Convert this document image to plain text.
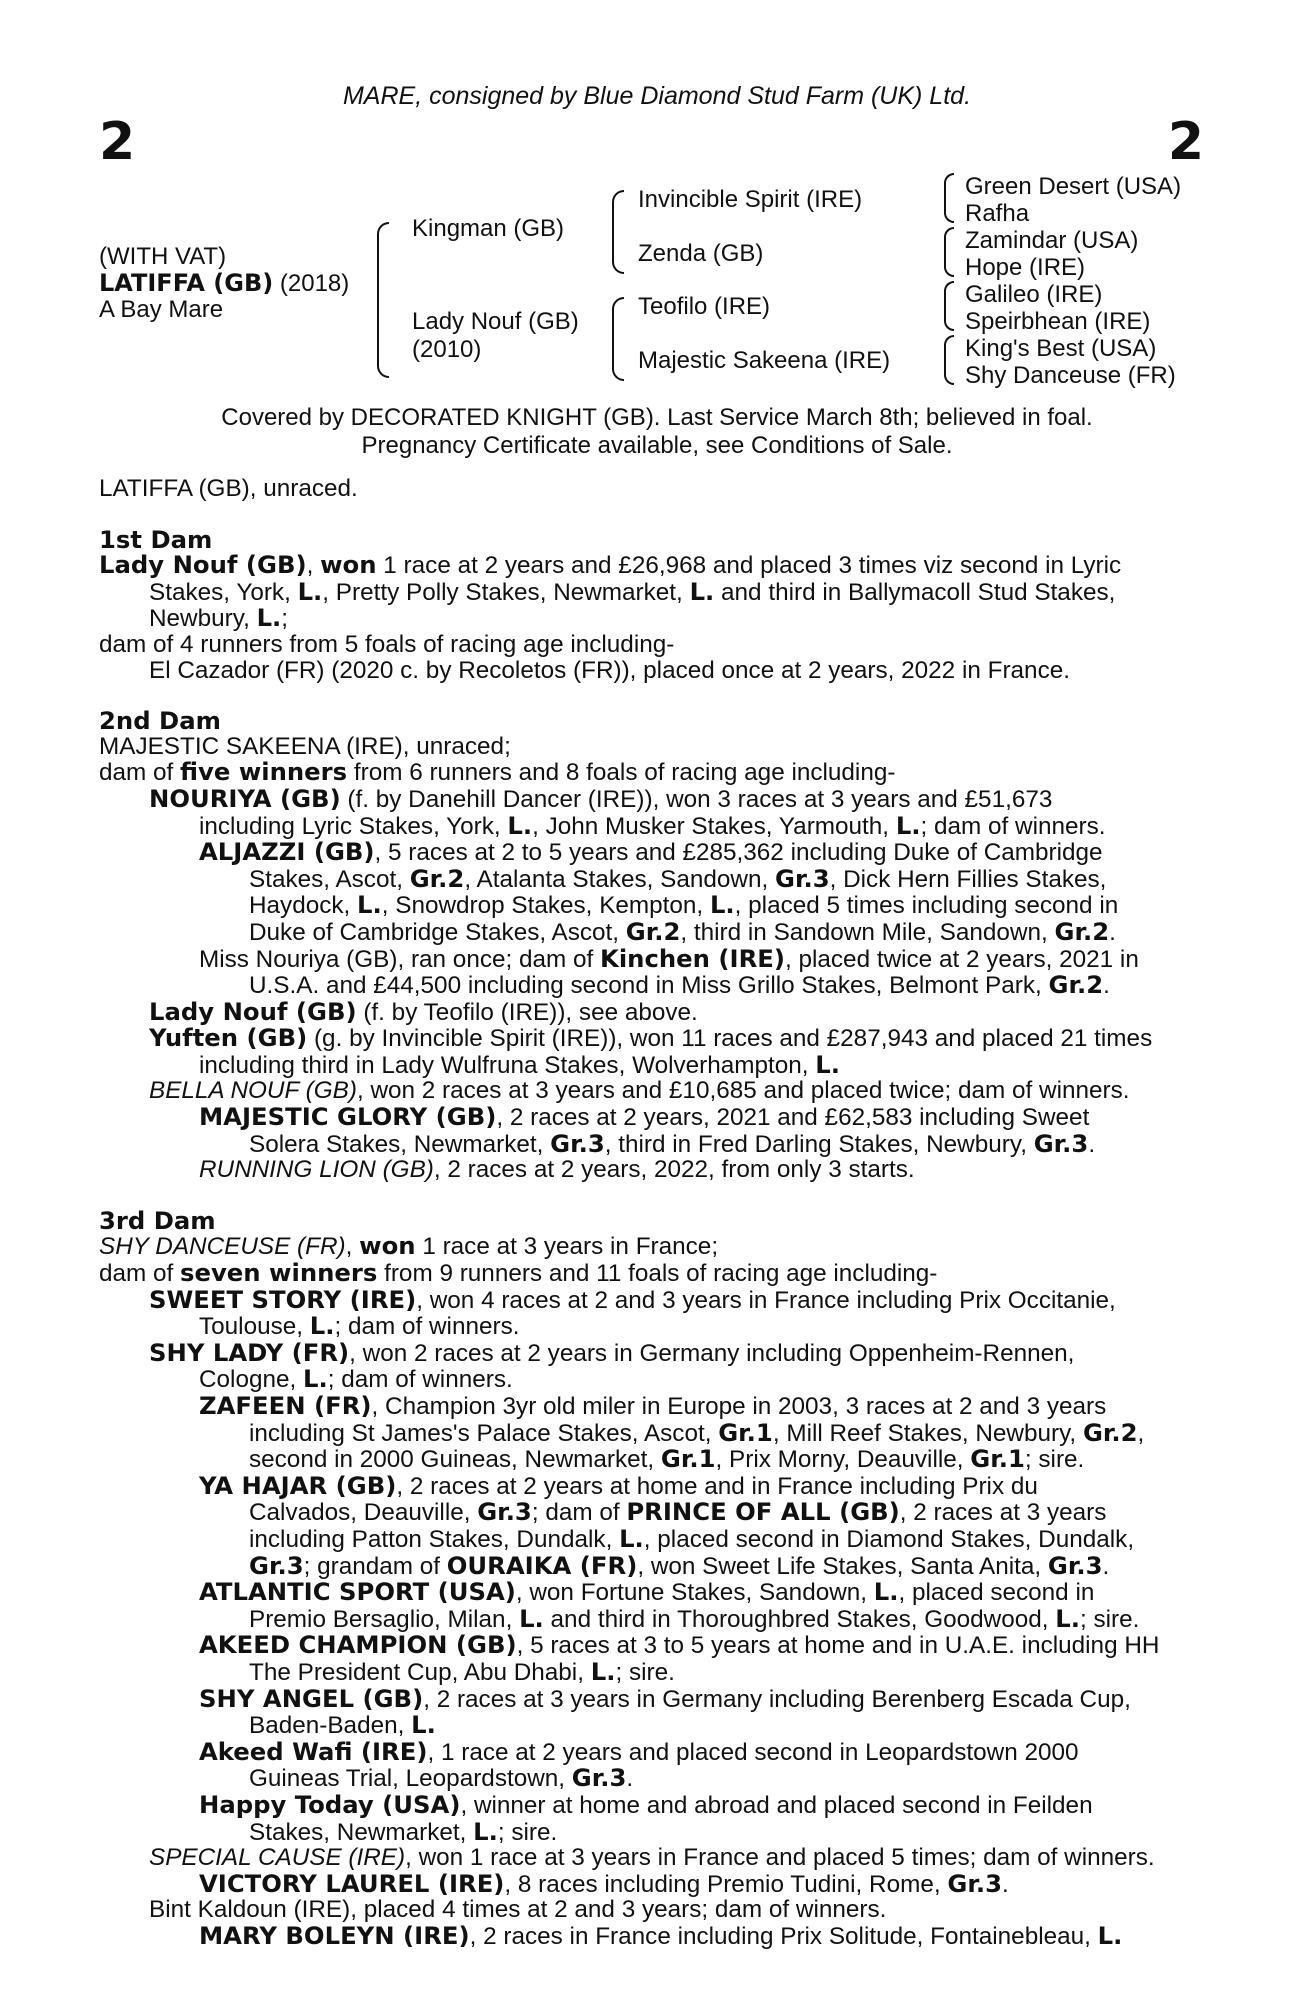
MARE, consigned by Blue Diamond Stud Farm (UK) Ltd.
2	2
(WITH VAT)
LATIFFA (GB) (2018)
A Bay Mare
Kingman (GB)
Lady Nouf (GB)
(2010)
Invincible Spirit (IRE)
Zenda (GB)
Teofilo (IRE)
Majestic Sakeena (IRE)
Green Desert (USA)
Rafha
Zamindar (USA)
Hope (IRE)
Galileo (IRE)
Speirbhean (IRE)
King's Best (USA)
Shy Danceuse (FR)
Covered by DECORATED KNIGHT (GB). Last Service March 8th; believed in foal.
Pregnancy Certificate available, see Conditions of Sale.

LATIFFA (GB), unraced.

1st Dam

Lady Nouf (GB), won 1 race at 2 years and £26,968 and placed 3 times viz second in Lyric

Stakes, York, L., Pretty Polly Stakes, Newmarket, L. and third in Ballymacoll Stud Stakes,

Newbury, L.;

dam of 4 runners from 5 foals of racing age including-

El Cazador (FR) (2020 c. by Recoletos (FR)), placed once at 2 years, 2022 in France.

2nd Dam

MAJESTIC SAKEENA (IRE), unraced;

dam of five winners from 6 runners and 8 foals of racing age including-

NOURIYA (GB) (f. by Danehill Dancer (IRE)), won 3 races at 3 years and £51,673

including Lyric Stakes, York, L., John Musker Stakes, Yarmouth, L.; dam of winners.

ALJAZZI (GB), 5 races at 2 to 5 years and £285,362 including Duke of Cambridge

Stakes, Ascot, Gr.2, Atalanta Stakes, Sandown, Gr.3, Dick Hern Fillies Stakes,

Haydock, L., Snowdrop Stakes, Kempton, L., placed 5 times including second in

Duke of Cambridge Stakes, Ascot, Gr.2, third in Sandown Mile, Sandown, Gr.2.

Miss Nouriya (GB), ran once; dam of Kinchen (IRE), placed twice at 2 years, 2021 in

U.S.A. and £44,500 including second in Miss Grillo Stakes, Belmont Park, Gr.2.

Lady Nouf (GB) (f. by Teofilo (IRE)), see above.

Yuften (GB) (g. by Invincible Spirit (IRE)), won 11 races and £287,943 and placed 21 times

including third in Lady Wulfruna Stakes, Wolverhampton, L.

BELLA NOUF (GB), won 2 races at 3 years and £10,685 and placed twice; dam of winners.

MAJESTIC GLORY (GB), 2 races at 2 years, 2021 and £62,583 including Sweet

Solera Stakes, Newmarket, Gr.3, third in Fred Darling Stakes, Newbury, Gr.3.

RUNNING LION (GB), 2 races at 2 years, 2022, from only 3 starts.

3rd Dam

SHY DANCEUSE (FR), won 1 race at 3 years in France;

dam of seven winners from 9 runners and 11 foals of racing age including-

SWEET STORY (IRE), won 4 races at 2 and 3 years in France including Prix Occitanie,

Toulouse, L.; dam of winners.

SHY LADY (FR), won 2 races at 2 years in Germany including Oppenheim-Rennen,

Cologne, L.; dam of winners.

ZAFEEN (FR), Champion 3yr old miler in Europe in 2003, 3 races at 2 and 3 years

including St James's Palace Stakes, Ascot, Gr.1, Mill Reef Stakes, Newbury, Gr.2,

second in 2000 Guineas, Newmarket, Gr.1, Prix Morny, Deauville, Gr.1; sire.

YA HAJAR (GB), 2 races at 2 years at home and in France including Prix du

Calvados, Deauville, Gr.3; dam of PRINCE OF ALL (GB), 2 races at 3 years

including Patton Stakes, Dundalk, L., placed second in Diamond Stakes, Dundalk,

Gr.3; grandam of OURAIKA (FR), won Sweet Life Stakes, Santa Anita, Gr.3.

ATLANTIC SPORT (USA), won Fortune Stakes, Sandown, L., placed second in

Premio Bersaglio, Milan, L. and third in Thoroughbred Stakes, Goodwood, L.; sire.

AKEED CHAMPION (GB), 5 races at 3 to 5 years at home and in U.A.E. including HH

The President Cup, Abu Dhabi, L.; sire.

SHY ANGEL (GB), 2 races at 3 years in Germany including Berenberg Escada Cup,

Baden-Baden, L.

Akeed Wafi (IRE), 1 race at 2 years and placed second in Leopardstown 2000

Guineas Trial, Leopardstown, Gr.3.

Happy Today (USA), winner at home and abroad and placed second in Feilden

Stakes, Newmarket, L.; sire.

SPECIAL CAUSE (IRE), won 1 race at 3 years in France and placed 5 times; dam of winners.

VICTORY LAUREL (IRE), 8 races including Premio Tudini, Rome, Gr.3.

Bint Kaldoun (IRE), placed 4 times at 2 and 3 years; dam of winners.

MARY BOLEYN (IRE), 2 races in France including Prix Solitude, Fontainebleau, L.
